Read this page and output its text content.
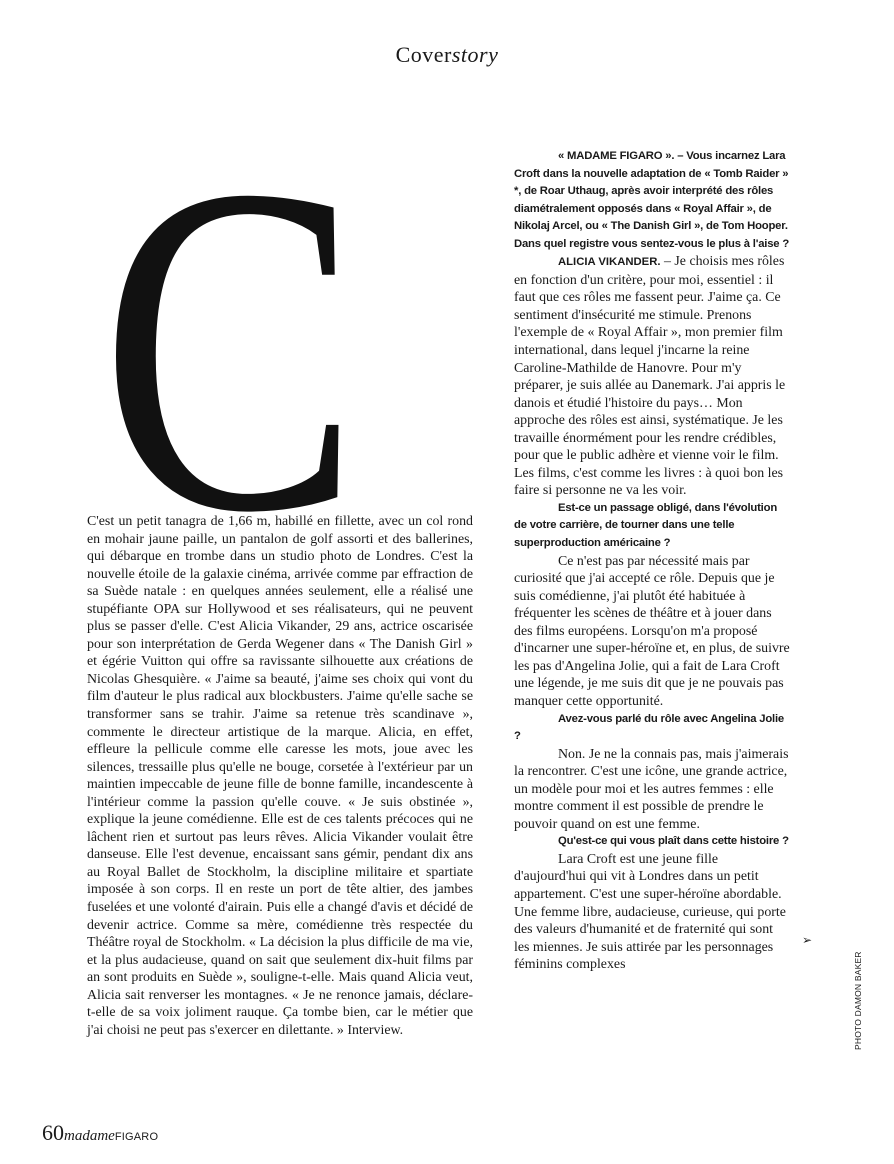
Coverstory
C

C'est un petit tanagra de 1,66 m, habillé en fillette, avec un col rond en mohair jaune paille, un pantalon de golf assorti et des ballerines, qui débarque en trombe dans un studio photo de Londres. C'est la nouvelle étoile de la galaxie cinéma, arrivée comme par effraction de sa Suède natale : en quelques années seulement, elle a réalisé une stupéfiante OPA sur Hollywood et ses réalisateurs, qui ne peuvent plus se passer d'elle. C'est Alicia Vikander, 29 ans, actrice oscarisée pour son interprétation de Gerda Wegener dans « The Danish Girl » et égérie Vuitton qui offre sa ravissante silhouette aux créations de Nicolas Ghesquière. « J'aime sa beauté, j'aime ses choix qui vont du film d'auteur le plus radical aux blockbusters. J'aime qu'elle sache se transformer sans se trahir. J'aime sa retenue très scandinave », commente le directeur artistique de la marque. Alicia, en effet, effleure la pellicule comme elle caresse les mots, joue avec les silences, tressaille plus qu'elle ne bouge, corsetée à l'extérieur par un maintien impeccable de jeune fille de bonne famille, incandescente à l'intérieur comme la passion qu'elle couve. « Je suis obstinée », explique la jeune comédienne. Elle est de ces talents précoces qui ne lâchent rien et surtout pas leurs rêves. Alicia Vikander voulait être danseuse. Elle l'est devenue, encaissant sans gémir, pendant dix ans au Royal Ballet de Stockholm, la discipline militaire et spartiate imposée à son corps. Il en reste un port de tête altier, des jambes fuselées et une volonté d'airain. Puis elle a changé d'avis et décidé de devenir actrice. Comme sa mère, comédienne très respectée du Théâtre royal de Stockholm. « La décision la plus difficile de ma vie, et la plus audacieuse, quand on sait que seulement dix-huit films par an sont produits en Suède », souligne-t-elle. Mais quand Alicia veut, Alicia sait renverser les montagnes. « Je ne renonce jamais, déclare-t-elle de sa voix joliment rauque. Ça tombe bien, car le métier que j'ai choisi ne peut pas s'exercer en dilettante. » Interview.

« MADAME FIGARO ». – Vous incarnez Lara Croft dans la nouvelle adaptation de « Tomb Raider » *, de Roar Uthaug, après avoir interprété des rôles diamétralement opposés dans « Royal Affair », de Nikolaj Arcel, ou « The Danish Girl », de Tom Hooper. Dans quel registre vous sentez-vous le plus à l'aise ?

ALICIA VIKANDER. – Je choisis mes rôles en fonction d'un critère, pour moi, essentiel : il faut que ces rôles me fassent peur. J'aime ça. Ce sentiment d'insécurité me stimule. Prenons l'exemple de « Royal Affair », mon premier film international, dans lequel j'incarne la reine Caroline-Mathilde de Hanovre. Pour m'y préparer, je suis allée au Danemark. J'ai appris le danois et étudié l'histoire du pays… Mon approche des rôles est ainsi, systématique. Je les travaille énormément pour les rendre crédibles, pour que le public adhère et vienne voir le film. Les films, c'est comme les livres : à quoi bon les faire si personne ne va les voir.

Est-ce un passage obligé, dans l'évolution de votre carrière, de tourner dans une telle superproduction américaine ?

Ce n'est pas par nécessité mais par curiosité que j'ai accepté ce rôle. Depuis que je suis comédienne, j'ai plutôt été habituée à fréquenter les scènes de théâtre et à jouer dans des films européens. Lorsqu'on m'a proposé d'incarner une super-héroïne et, en plus, de suivre les pas d'Angelina Jolie, qui a fait de Lara Croft une légende, je me suis dit que je ne pouvais pas manquer cette opportunité.

Avez-vous parlé du rôle avec Angelina Jolie ?

Non. Je ne la connais pas, mais j'aimerais la rencontrer. C'est une icône, une grande actrice, un modèle pour moi et les autres femmes : elle montre comment il est possible de prendre le pouvoir quand on est une femme.

Qu'est-ce qui vous plaît dans cette histoire ?

Lara Croft est une jeune fille d'aujourd'hui qui vit à Londres dans un petit appartement. C'est une super-héroïne abordable. Une femme libre, audacieuse, curieuse, qui porte des valeurs d'humanité et de fraternité qui sont les miennes. Je suis attirée par les personnages féminins complexes

➢
PHOTO DAMON BAKER
60madameFIGARO
